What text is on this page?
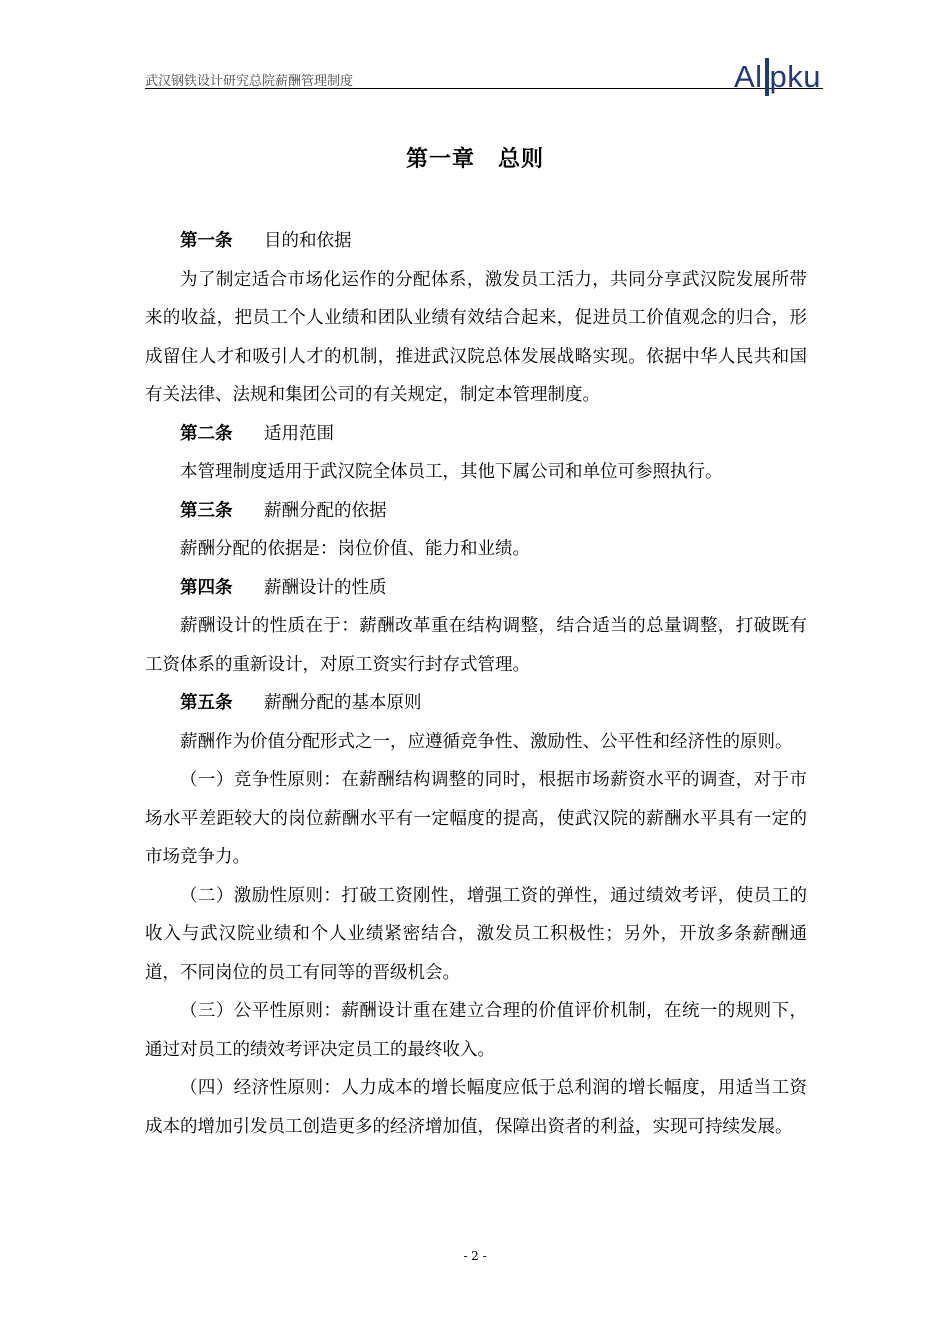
武汉钢铁设计研究总院薪酬管理制度	Al pku
第一章　总则

第一条 目的和依据

为了制定适合市场化运作的分配体系，激发员工活力，共同分享武汉院发展所带来的收益，把员工个人业绩和团队业绩有效结合起来，促进员工价值观念的归合，形成留住人才和吸引人才的机制，推进武汉院总体发展战略实现。依据中华人民共和国有关法律、法规和集团公司的有关规定，制定本管理制度。

第二条 适用范围

本管理制度适用于武汉院全体员工，其他下属公司和单位可参照执行。

第三条 薪酬分配的依据

薪酬分配的依据是：岗位价值、能力和业绩。

第四条 薪酬设计的性质

薪酬设计的性质在于：薪酬改革重在结构调整，结合适当的总量调整，打破既有工资体系的重新设计，对原工资实行封存式管理。

第五条 薪酬分配的基本原则

薪酬作为价值分配形式之一，应遵循竞争性、激励性、公平性和经济性的原则。

（一）竞争性原则：在薪酬结构调整的同时，根据市场薪资水平的调查，对于市场水平差距较大的岗位薪酬水平有一定幅度的提高，使武汉院的薪酬水平具有一定的市场竞争力。

（二）激励性原则：打破工资刚性，增强工资的弹性，通过绩效考评，使员工的收入与武汉院业绩和个人业绩紧密结合，激发员工积极性；另外，开放多条薪酬通道，不同岗位的员工有同等的晋级机会。

（三）公平性原则：薪酬设计重在建立合理的价值评价机制，在统一的规则下，通过对员工的绩效考评决定员工的最终收入。

（四）经济性原则：人力成本的增长幅度应低于总利润的增长幅度，用适当工资成本的增加引发员工创造更多的经济增加值，保障出资者的利益，实现可持续发展。

- 2 -
